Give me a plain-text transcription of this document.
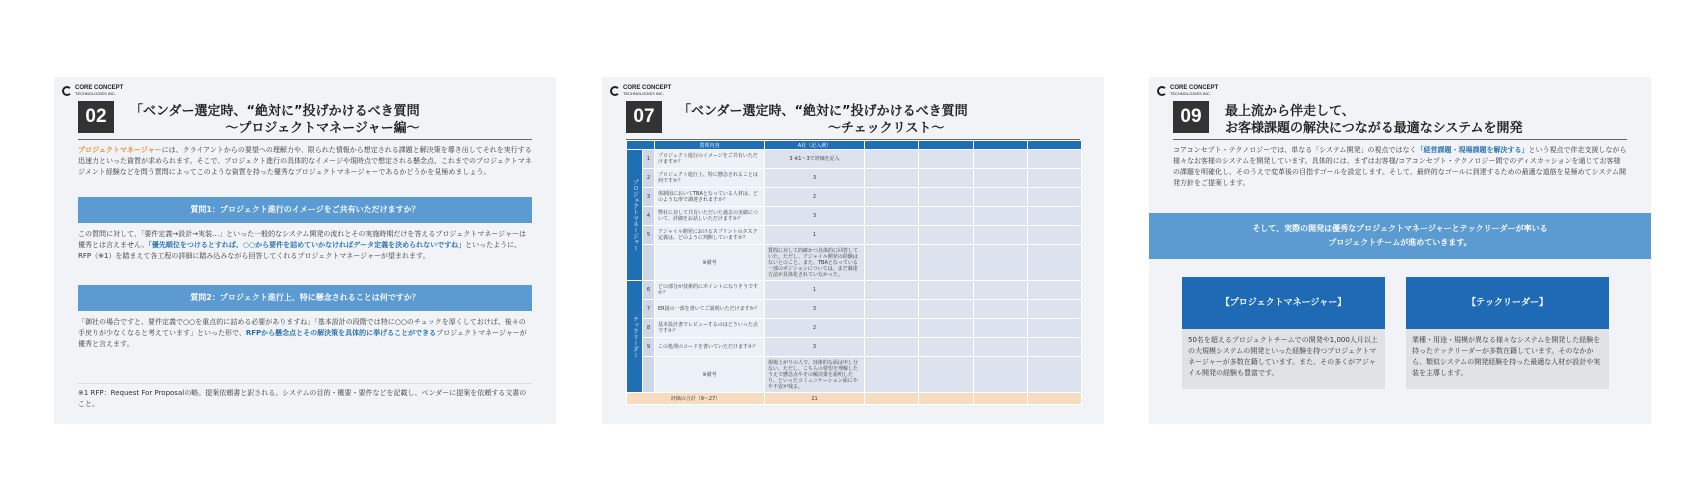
CORE CONCEPT
TECHNOLOGIES INC.
02	「ベンダー選定時、“絶対に”投げかけるべき質問
〜プロジェクトマネージャー編〜
プロジェクトマネージャーには、クライアントからの要望への理解力や、限られた情報から想定される課題と解決策を導き出してそれを実行する迅速力といった資質が求められます。そこで、プロジェクト進行の具体的なイメージや現時点で想定される懸念点、これまでのプロジェクトマネジメント経験などを問う質問によってこのような資質を持った優秀なプロジェクトマネージャーであるかどうかを見極めましょう。
質問1：プロジェクト進行のイメージをご共有いただけますか？
この質問に対して、「要件定義→設計→実装…」といった一般的なシステム開発の流れとその実施時期だけを答えるプロジェクトマネージャーは優秀とは言えません。「優先順位をつけるとすれば、○○から要件を詰めていかなければデータ定義を決められないですね」といったように、RFP（※1）を踏まえて各工程の詳細に踏み込みながら回答してくれるプロジェクトマネージャーが望まれます。
質問2：プロジェクト進行上、特に懸念されることは何ですか？
「御社の場合ですと、要件定義で○○を重点的に詰める必要がありますね」「基本設計の段階では特に○○のチェックを厚くしておけば、後々の手戻りが少なくなると考えています」といった形で、RFPから懸念点とその解決策を具体的に挙げることができるプロジェクトマネージャーが優秀と言えます。
※1 RFP：Request For Proposalの略。提案依頼書と訳される。システムの目的・概要・要件などを記載し、ベンダーに提案を依頼する文書のこと。
CORE CONCEPT
TECHNOLOGIES INC.
07	「ベンダー選定時、“絶対に”投げかけるべき質問
〜チェックリスト〜
		質問内容	A社（記入例）				
プロジェクトマネージャー	1	プロジェクト進行のイメージをご共有いただけますか？	3 ※1〜3で評価を記入				
	2	プロジェクト進行上、特に懸念されることは何ですか？	3				
	3	体制図においてTBAとなっている人材は、どのような形で調達されますか？	2				
	4	弊社に対して共有いただいた過去の実績について、詳細をお話しいただけますか？	3				
	5	アジャイル開発におけるスプリントのタスク定義は、どのように判断していますか？	1				
		※備考	質問に対して的確かつ具体的に回答していた。ただし、アジャイル開発の経験はないとのこと。また、TBAとなっている一部のポジションについては、まだ調達方法が具体化されていなかった。				
テックリーダー	6	どの部分が技術的にポイントになりそうですか？	1				
	7	ER図の一部を書いてご説明いただけますか？	3				
	8	基本設計書でレビューするのはどういった点ですか？	2				
	9	この処理のコードを書いていただけますか？	3				
		※備考	現場上がりの人で、技術的な面は申し分ない。ただし、こちらの要望を理解したうえで懸念点やその解決策を説明したり、といったコミュニケーション面にやや不安が残る。				
評価の合計（9〜27）			21				
CORE CONCEPT
TECHNOLOGIES INC.
09	最上流から伴走して、
お客様課題の解決につながる最適なシステムを開発
コアコンセプト・テクノロジーでは、単なる「システム開発」の視点ではなく「経営課題・現場課題を解決する」という視点で伴走支援しながら様々なお客様のシステムを開発しています。具体的には、まずはお客様/コアコンセプト・テクノロジー間でのディスカッションを通じてお客様の課題を明確化し、そのうえで変革後の目指すゴールを設定します。そして、最終的なゴールに到達するための最適な道筋を見極めてシステム開発方針をご提案します。
そして、実際の開発は優秀なプロジェクトマネージャーとテックリーダーが率いる
プロジェクトチームが進めていきます。
【プロジェクトマネージャー】
50名を超えるプロジェクトチームでの開発や1,000人月以上の大規模システムの開発といった経験を持つプロジェクトマネージャーが多数在籍しています。また、その多くがアジャイル開発の経験も豊富です。
【テックリーダー】
業種・用途・規模が異なる様々なシステムを開発した経験を持ったテックリーダーが多数在籍しています。そのなかから、類似システムの開発経験を持った最適な人材が設計や実装を主導します。
